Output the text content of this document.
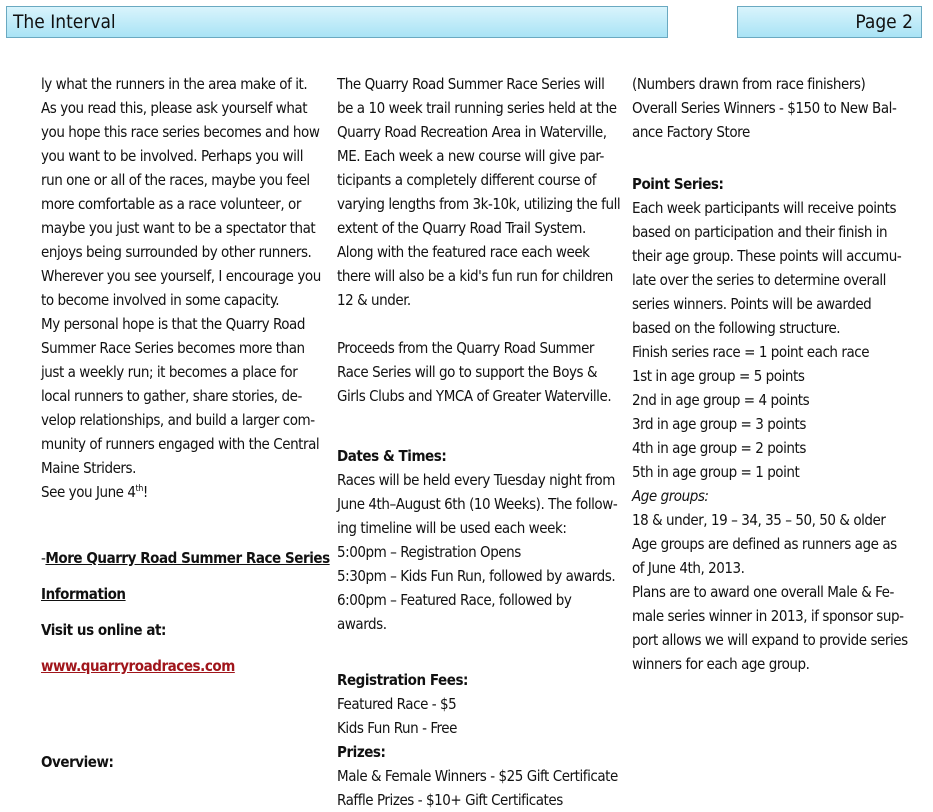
The Interval	Page 2
ly what the runners in the area make of it.
As you read this, please ask yourself what
you hope this race series becomes and how
you want to be involved. Perhaps you will
run one or all of the races, maybe you feel
more comfortable as a race volunteer, or
maybe you just want to be a spectator that
enjoys being surrounded by other runners.
Wherever you see yourself, I encourage you
to become involved in some capacity.
My personal hope is that the Quarry Road
Summer Race Series becomes more than
just a weekly run; it becomes a place for
local runners to gather, share stories, de-
velop relationships, and build a larger com-
munity of runners engaged with the Central
Maine Striders.
See you June 4th!
-More Quarry Road Summer Race Series
Information
Visit us online at:
www.quarryroadraces.com
Overview:
The Quarry Road Summer Race Series will
be a 10 week trail running series held at the
Quarry Road Recreation Area in Waterville,
ME. Each week a new course will give par-
ticipants a completely different course of
varying lengths from 3k-10k, utilizing the full
extent of the Quarry Road Trail System.
Along with the featured race each week
there will also be a kid's fun run for children
12 & under.
Proceeds from the Quarry Road Summer
Race Series will go to support the Boys &
Girls Clubs and YMCA of Greater Waterville.
Dates & Times:
Races will be held every Tuesday night from
June 4th–August 6th (10 Weeks). The follow-
ing timeline will be used each week:
5:00pm – Registration Opens
5:30pm – Kids Fun Run, followed by awards.
6:00pm – Featured Race, followed by
awards.
Registration Fees:
Featured Race - $5
Kids Fun Run - Free
Prizes:
Male & Female Winners - $25 Gift Certificate
Raffle Prizes - $10+ Gift Certificates
(Numbers drawn from race finishers)
Overall Series Winners - $150 to New Bal-
ance Factory Store
Point Series:
Each week participants will receive points
based on participation and their finish in
their age group. These points will accumu-
late over the series to determine overall
series winners. Points will be awarded
based on the following structure.
Finish series race = 1 point each race
1st in age group = 5 points
2nd in age group = 4 points
3rd in age group = 3 points
4th in age group = 2 points
5th in age group = 1 point
Age groups:
18 & under, 19 – 34, 35 – 50, 50 & older
Age groups are defined as runners age as
of June 4th, 2013.
Plans are to award one overall Male & Fe-
male series winner in 2013, if sponsor sup-
port allows we will expand to provide series
winners for each age group.
